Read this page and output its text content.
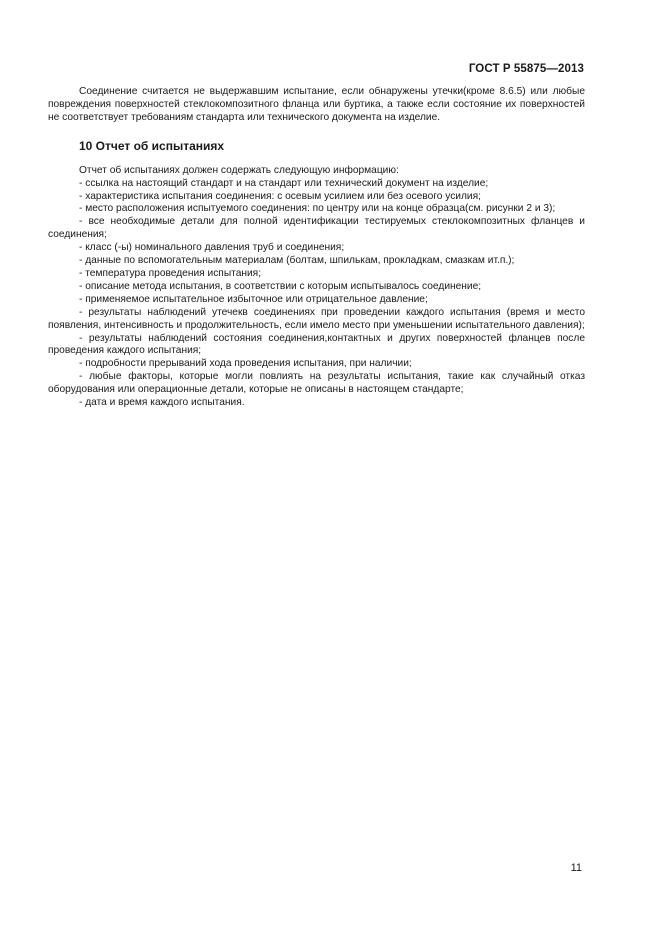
ГОСТ Р 55875—2013

Соединение считается не выдержавшим испытание, если обнаружены утечки(кроме 8.6.5) или любые повреждения поверхностей стеклокомпозитного фланца или буртика, а также если состояние их поверхностей не соответствует требованиям стандарта или технического документа на изделие.

10 Отчет об испытаниях

Отчет об испытаниях должен содержать следующую информацию:

- ссылка на настоящий стандарт и на стандарт или технический документ на изделие;

- характеристика испытания соединения: с осевым усилием или без осевого усилия;

- место расположения испытуемого соединения: по центру или на конце образца(см. рисунки 2 и 3);

- все необходимые детали для полной идентификации тестируемых стеклокомпозитных фланцев и соединения;

- класс (-ы) номинального давления труб и соединения;

- данные по вспомогательным материалам (болтам, шпилькам, прокладкам, смазкам ит.п.);

- температура проведения испытания;

- описание метода испытания, в соответствии с которым испытывалось соединение;

- применяемое испытательное избыточное или отрицательное давление;

- результаты наблюдений утечекв соединениях при проведении каждого испытания (время и место появления, интенсивность и продолжительность, если имело место при уменьшении испытательного давления);

- результаты наблюдений состояния соединения,контактных и других поверхностей фланцев после проведения каждого испытания;

- подробности прерываний хода проведения испытания, при наличии;

- любые факторы, которые могли повлиять на результаты испытания, такие как случайный отказ оборудования или операционные детали, которые не описаны в настоящем стандарте;

- дата и время каждого испытания.

11
